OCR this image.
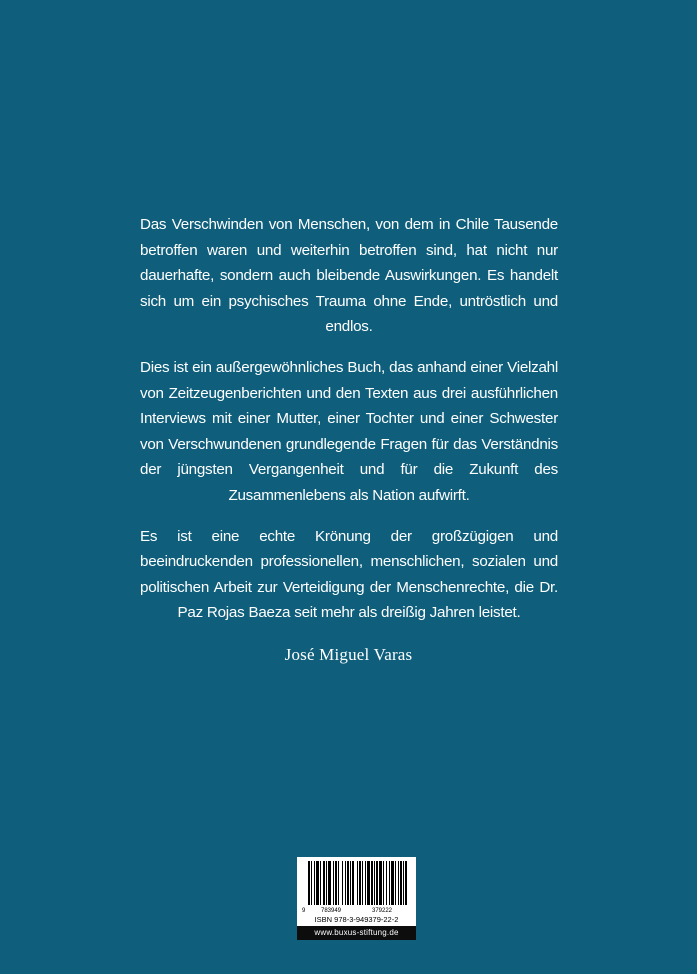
Das Verschwinden von Menschen, von dem in Chile Tausende betroffen waren und weiterhin betroffen sind, hat nicht nur dauerhafte, sondern auch bleibende Auswirkungen. Es handelt sich um ein psychisches Trauma ohne Ende, untröstlich und endlos.

Dies ist ein außergewöhnliches Buch, das anhand einer Vielzahl von Zeitzeugenberichten und den Texten aus drei ausführlichen Interviews mit einer Mutter, einer Tochter und einer Schwester von Verschwundenen grundlegende Fragen für das Verständnis der jüngsten Vergangenheit und für die Zukunft des Zusammenlebens als Nation aufwirft.

Es ist eine echte Krönung der großzügigen und beeindruckenden professionellen, menschlichen, sozialen und politischen Arbeit zur Verteidigung der Menschenrechte, die Dr. Paz Rojas Baeza seit mehr als dreißig Jahren leistet.

José Miguel Varas
9	783949	379222
ISBN 978-3-949379-22-2
www.buxus-stiftung.de
